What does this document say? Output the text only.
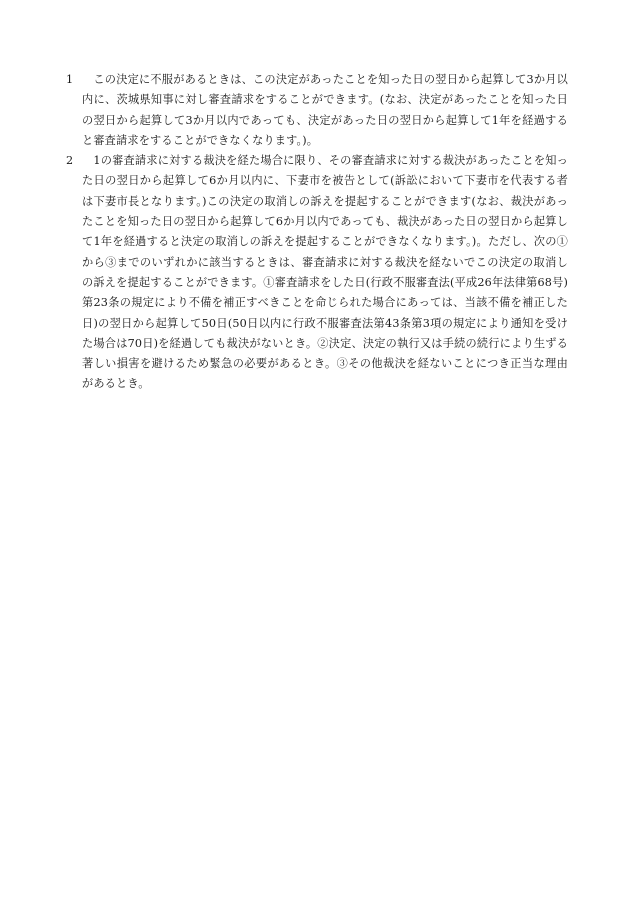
1 　この決定に不服があるときは、この決定があったことを知った日の翌日から起算して3か月以内に、茨城県知事に対し審査請求をすることができます。(なお、決定があったことを知った日の翌日から起算して3か月以内であっても、決定があった日の翌日から起算して1年を経過すると審査請求をすることができなくなります。)。
2 　1の審査請求に対する裁決を経た場合に限り、その審査請求に対する裁決があったことを知った日の翌日から起算して6か月以内に、下妻市を被告として(訴訟において下妻市を代表する者は下妻市長となります。)この決定の取消しの訴えを提起することができます(なお、裁決があったことを知った日の翌日から起算して6か月以内であっても、裁決があった日の翌日から起算して1年を経過すると決定の取消しの訴えを提起することができなくなります。)。ただし、次の①から③までのいずれかに該当するときは、審査請求に対する裁決を経ないでこの決定の取消しの訴えを提起することができます。①審査請求をした日(行政不服審査法(平成26年法律第68号)第23条の規定により不備を補正すべきことを命じられた場合にあっては、当該不備を補正した日)の翌日から起算して50日(50日以内に行政不服審査法第43条第3項の規定により通知を受けた場合は70日)を経過しても裁決がないとき。②決定、決定の執行又は手続の続行により生ずる著しい損害を避けるため緊急の必要があるとき。③その他裁決を経ないことにつき正当な理由があるとき。
